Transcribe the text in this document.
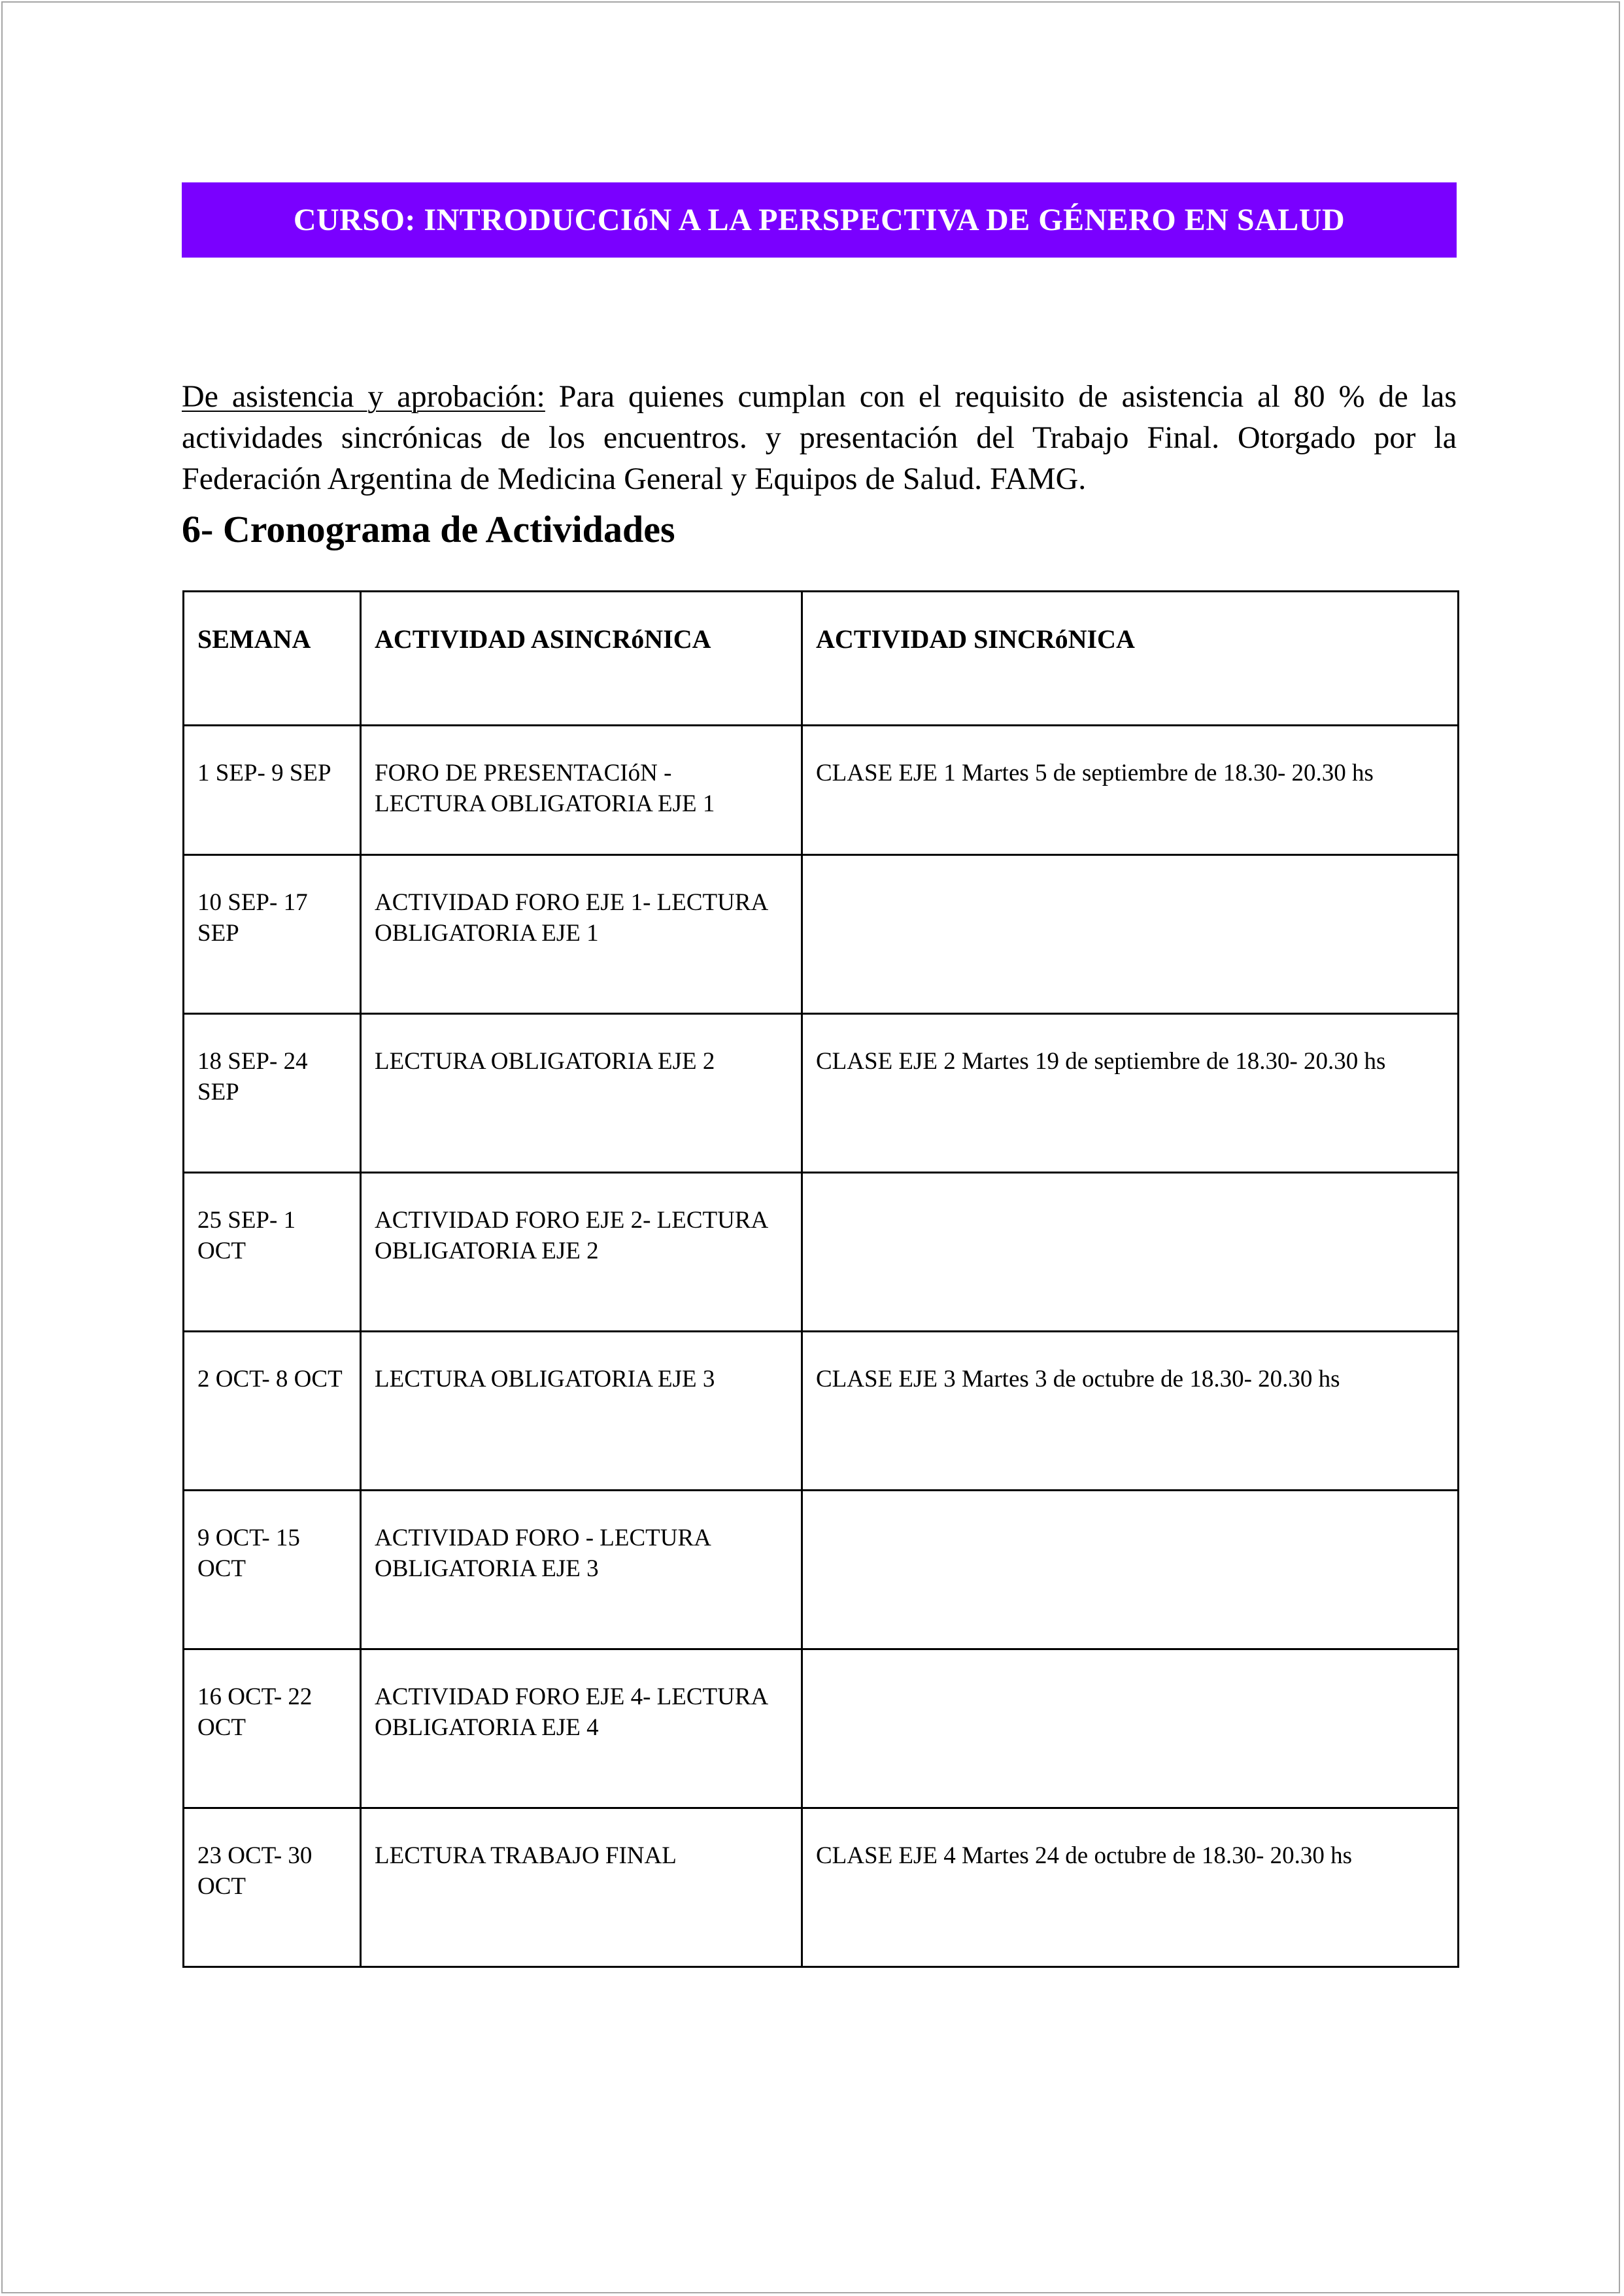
CURSO: INTRODUCCIóN A LA PERSPECTIVA DE GÉNERO EN SALUD

De asistencia y aprobación: Para quienes cumplan con el requisito de asistencia al 80 % de las actividades sincrónicas de los encuentros. y presentación del Trabajo Final. Otorgado por la Federación Argentina de Medicina General y Equipos de Salud. FAMG.

6- Cronograma de Actividades
SEMANA	ACTIVIDAD ASINCRóNICA	ACTIVIDAD SINCRóNICA
1 SEP- 9 SEP	FORO DE PRESENTACIóN - LECTURA OBLIGATORIA EJE 1	CLASE EJE 1 Martes 5 de septiembre de 18.30- 20.30 hs
10 SEP- 17 SEP	ACTIVIDAD FORO EJE 1- LECTURA OBLIGATORIA EJE 1	
18 SEP- 24 SEP	LECTURA OBLIGATORIA EJE 2	CLASE EJE 2 Martes 19 de septiembre de 18.30- 20.30 hs
25 SEP- 1 OCT	ACTIVIDAD FORO EJE 2- LECTURA OBLIGATORIA EJE 2	
2 OCT- 8 OCT	LECTURA OBLIGATORIA EJE 3	CLASE EJE 3 Martes 3 de octubre de 18.30- 20.30 hs
9 OCT- 15 OCT	ACTIVIDAD FORO - LECTURA OBLIGATORIA EJE 3	
16 OCT- 22 OCT	ACTIVIDAD FORO EJE 4- LECTURA OBLIGATORIA EJE 4	
23 OCT- 30 OCT	LECTURA TRABAJO FINAL	CLASE EJE 4 Martes 24 de octubre de 18.30- 20.30 hs
